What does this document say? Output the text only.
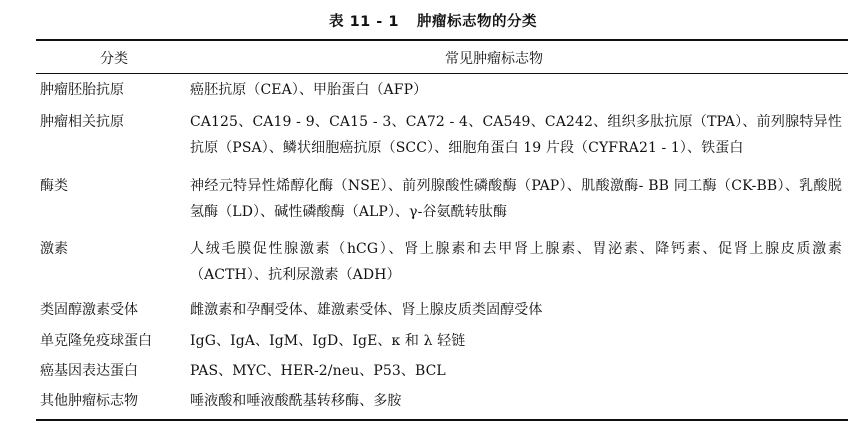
表 11 - 1 肿瘤标志物的分类
分类	常见肿瘤标志物
肿瘤胚胎抗原	癌胚抗原（CEA）、甲胎蛋白（AFP）
肿瘤相关抗原	CA125、CA19 - 9、CA15 - 3、CA72 - 4、CA549、CA242、组织多肽抗原（TPA）、前列腺特异性抗原（PSA）、鳞状细胞癌抗原（SCC）、细胞角蛋白 19 片段（CYFRA21 - 1）、铁蛋白
酶类	神经元特异性烯醇化酶（NSE）、前列腺酸性磷酸酶（PAP）、肌酸激酶- BB 同工酶（CK-BB）、乳酸脱氢酶（LD）、碱性磷酸酶（ALP）、γ-谷氨酰转肽酶
激素	人绒毛膜促性腺激素（hCG）、肾上腺素和去甲肾上腺素、胃泌素、降钙素、促肾上腺皮质激素（ACTH）、抗利尿激素（ADH）
类固醇激素受体	雌激素和孕酮受体、雄激素受体、肾上腺皮质类固醇受体
单克隆免疫球蛋白	IgG、IgA、IgM、IgD、IgE、κ 和 λ 轻链
癌基因表达蛋白	PAS、MYC、HER-2/neu、P53、BCL
其他肿瘤标志物	唾液酸和唾液酸酰基转移酶、多胺
